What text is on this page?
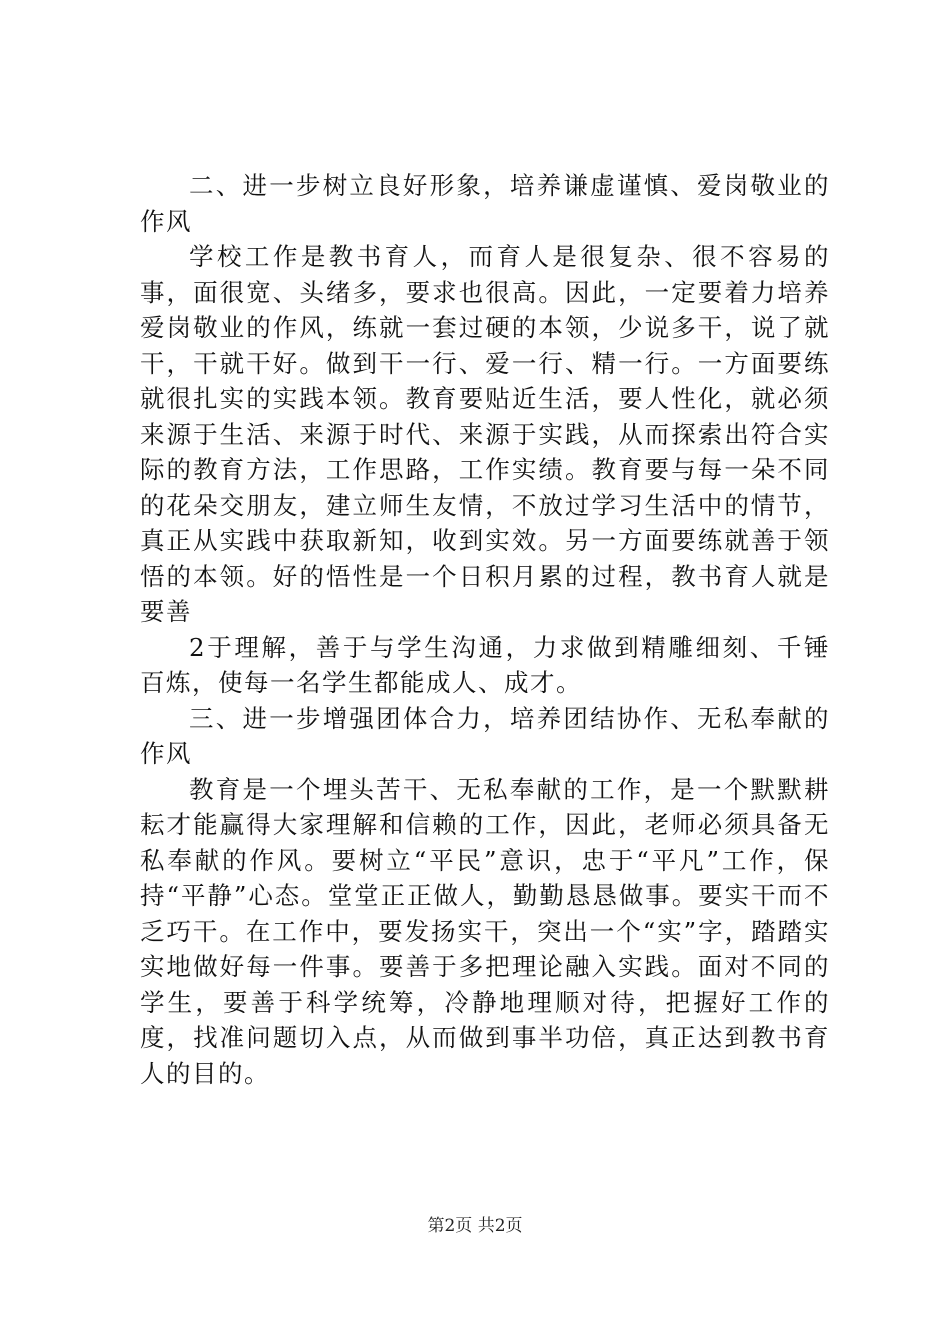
二、进一步树立良好形象，培养谦虚谨慎、爱岗敬业的作风

学校工作是教书育人，而育人是很复杂、很不容易的事，面很宽、头绪多，要求也很高。因此，一定要着力培养爱岗敬业的作风，练就一套过硬的本领，少说多干，说了就干，干就干好。做到干一行、爱一行、精一行。一方面要练就很扎实的实践本领。教育要贴近生活，要人性化，就必须来源于生活、来源于时代、来源于实践，从而探索出符合实际的教育方法，工作思路，工作实绩。教育要与每一朵不同的花朵交朋友，建立师生友情，不放过学习生活中的情节，真正从实践中获取新知，收到实效。另一方面要练就善于领悟的本领。好的悟性是一个日积月累的过程，教书育人就是要善

2于理解，善于与学生沟通，力求做到精雕细刻、千锤百炼，使每一名学生都能成人、成才。

三、进一步增强团体合力，培养团结协作、无私奉献的作风

教育是一个埋头苦干、无私奉献的工作，是一个默默耕耘才能赢得大家理解和信赖的工作，因此，老师必须具备无私奉献的作风。要树立“平民”意识，忠于“平凡”工作，保持“平静”心态。堂堂正正做人，勤勤恳恳做事。要实干而不乏巧干。在工作中，要发扬实干，突出一个“实”字，踏踏实实地做好每一件事。要善于多把理论融入实践。面对不同的学生，要善于科学统筹，冷静地理顺对待，把握好工作的度，找准问题切入点，从而做到事半功倍，真正达到教书育人的目的。

第2页 共2页
